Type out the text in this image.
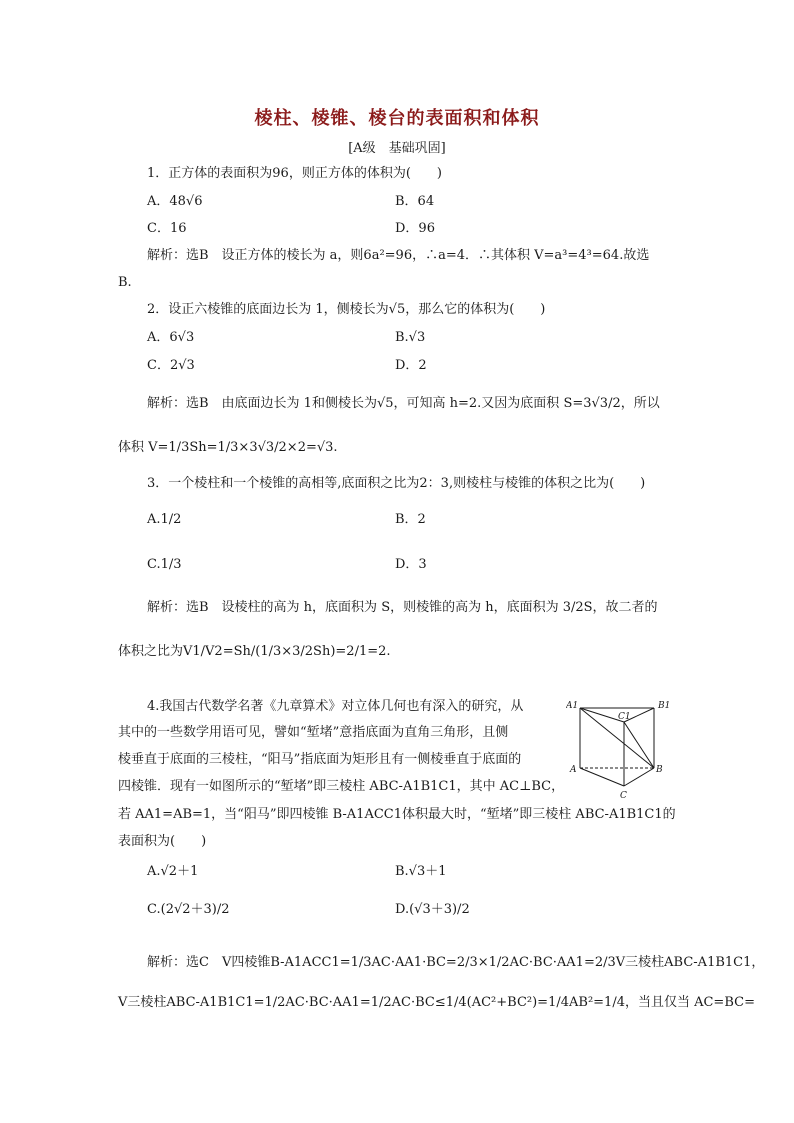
棱柱、棱锥、棱台的表面积和体积
[A级　基础巩固]
1．正方体的表面积为96，则正方体的体积为(　　)
A．48√6	B．64
C．16	D．96
解析：选B　设正方体的棱长为 a，则6a²=96，∴a=4．∴其体积 V=a³=4³=64.故选
B.
2．设正六棱锥的底面边长为 1，侧棱长为√5，那么它的体积为(　　)
A．6√3	B.√3
C．2√3	D．2
解析：选B　由底面边长为 1和侧棱长为√5，可知高 h=2.又因为底面积 S=3√3/2，所以
体积 V=1/3Sh=1/3×3√3/2×2=√3.
3．一个棱柱和一个棱锥的高相等,底面积之比为2：3,则棱柱与棱锥的体积之比为(　　)
A.1/2	B．2
C.1/3	D．3
解析：选B　设棱柱的高为 h，底面积为 S，则棱锥的高为 h，底面积为 3/2S，故二者的
体积之比为V1/V2=Sh/(1/3×3/2Sh)=2/1=2.
4.我国古代数学名著《九章算术》对立体几何也有深入的研究，从
其中的一些数学用语可见，譬如“堑堵”意指底面为直角三角形，且侧
棱垂直于底面的三棱柱，“阳马”指底面为矩形且有一侧棱垂直于底面的
四棱锥．现有一如图所示的“堑堵”即三棱柱 ABC-A1B1C1，其中 AC⊥BC，
若 AA1=AB=1，当“阳马”即四棱锥 B-A1ACC1体积最大时，“堑堵”即三棱柱 ABC-A1B1C1的
表面积为(　　)
A.√2＋1	B.√3＋1
C.(2√2＋3)/2	D.(√3＋3)/2
解析：选C　V四棱锥B-A1ACC1=1/3AC·AA1·BC=2/3×1/2AC·BC·AA1=2/3V三棱柱ABC-A1B1C1，
V三棱柱ABC-A1B1C1=1/2AC·BC·AA1=1/2AC·BC≤1/4(AC²+BC²)=1/4AB²=1/4，当且仅当 AC=BC=
A1
C1
B1
A	B
C
